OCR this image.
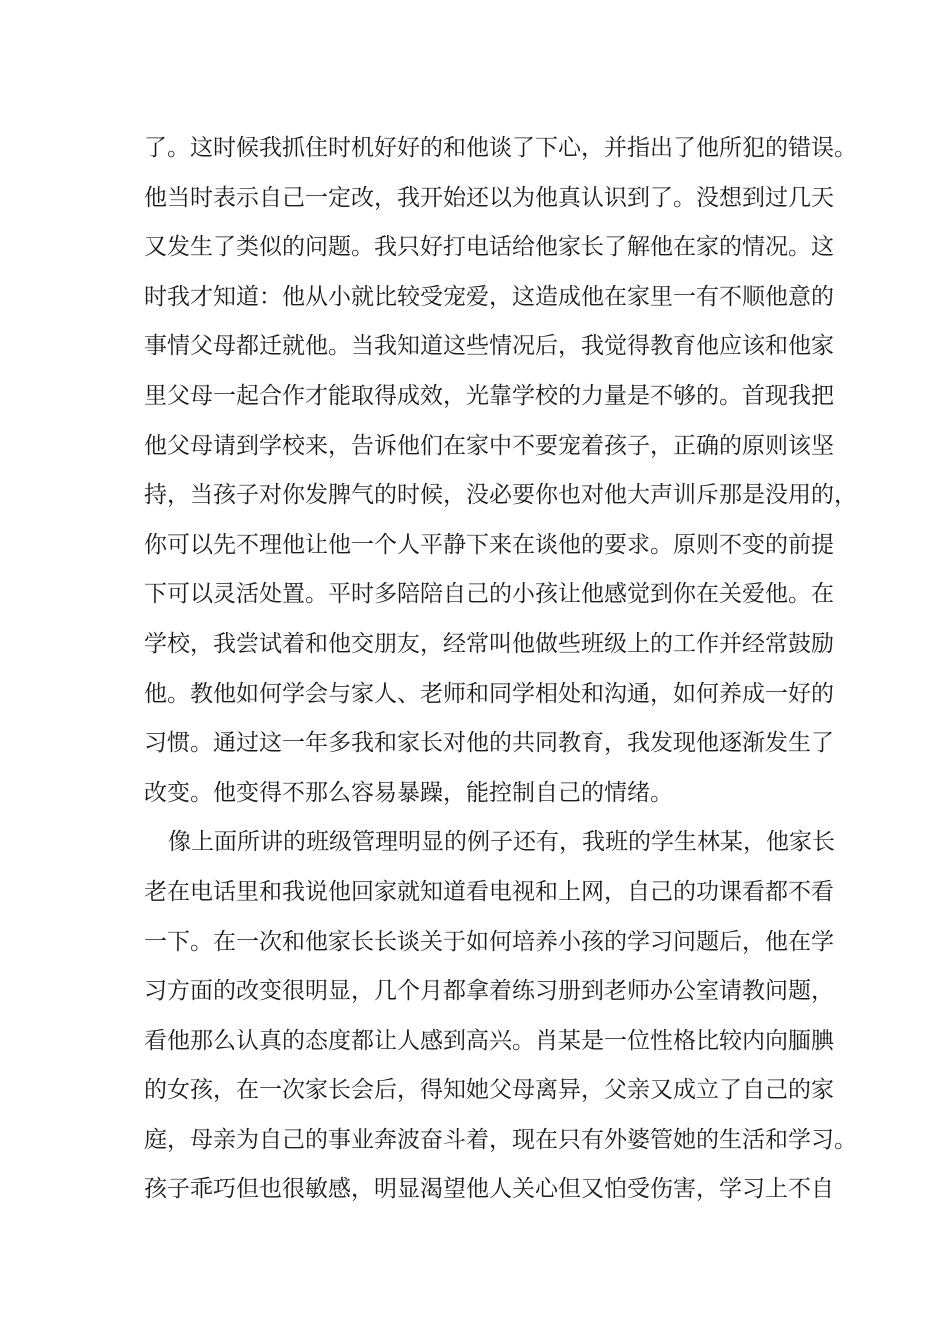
了。这时候我抓住时机好好的和他谈了下心，并指出了他所犯的错误。
他当时表示自己一定改，我开始还以为他真认识到了。没想到过几天
又发生了类似的问题。我只好打电话给他家长了解他在家的情况。这
时我才知道：他从小就比较受宠爱，这造成他在家里一有不顺他意的
事情父母都迁就他。当我知道这些情况后，我觉得教育他应该和他家
里父母一起合作才能取得成效，光靠学校的力量是不够的。首现我把
他父母请到学校来，告诉他们在家中不要宠着孩子，正确的原则该坚
持，当孩子对你发脾气的时候，没必要你也对他大声训斥那是没用的，
你可以先不理他让他一个人平静下来在谈他的要求。原则不变的前提
下可以灵活处置。平时多陪陪自己的小孩让他感觉到你在关爱他。在
学校，我尝试着和他交朋友，经常叫他做些班级上的工作并经常鼓励
他。教他如何学会与家人、老师和同学相处和沟通，如何养成一好的
习惯。通过这一年多我和家长对他的共同教育，我发现他逐渐发生了
改变。他变得不那么容易暴躁，能控制自己的情绪。
像上面所讲的班级管理明显的例子还有，我班的学生林某，他家长
老在电话里和我说他回家就知道看电视和上网，自己的功课看都不看
一下。在一次和他家长长谈关于如何培养小孩的学习问题后，他在学
习方面的改变很明显，几个月都拿着练习册到老师办公室请教问题，
看他那么认真的态度都让人感到高兴。肖某是一位性格比较内向腼腆
的女孩，在一次家长会后，得知她父母离异，父亲又成立了自己的家
庭，母亲为自己的事业奔波奋斗着，现在只有外婆管她的生活和学习。
孩子乖巧但也很敏感，明显渴望他人关心但又怕受伤害，学习上不自
